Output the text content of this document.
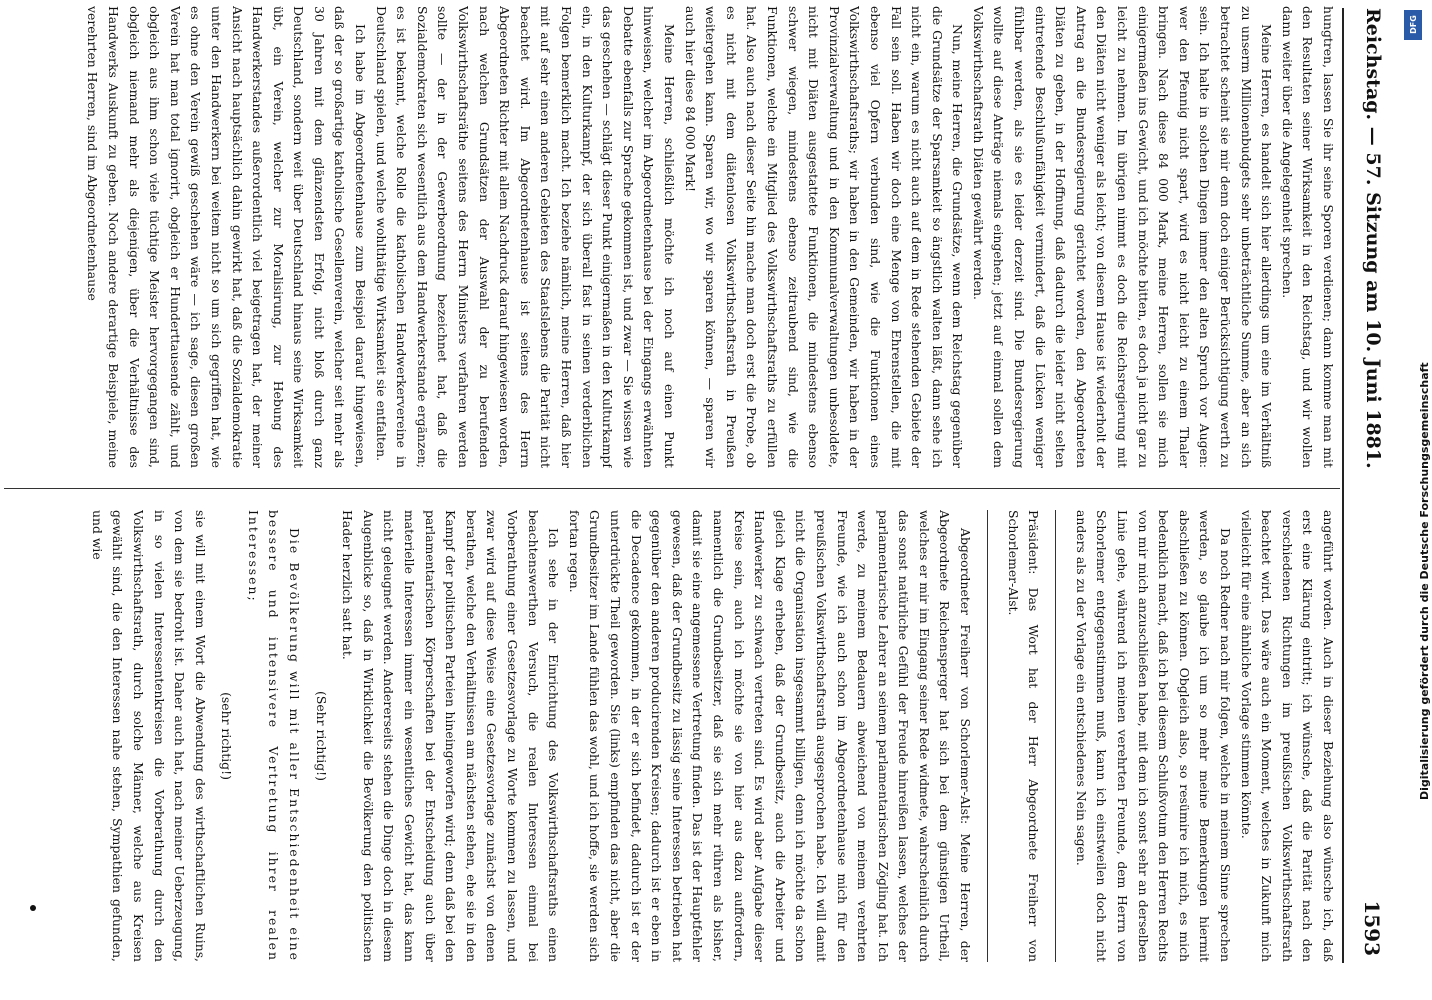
Reichstag. — 57. Sitzung am 10. Juni 1881.
1593

hungtren, lassen Sie ihr seine Sporen verdienen; dann komme man mit den Resultaten seiner Wirksamkeit in den Reichstag, und wir wollen dann weiter über die Angelegenheit sprechen.

Meine Herren, es handelt sich hier allerdings um eine im Verhältniß zu unserm Millionenbudgets sehr unbeträchtliche Summe, aber an sich betrachtet scheint sie mir denn doch einiger Berücksichtigung werth zu sein. Ich halte in solchen Dingen immer den alten Spruch vor Augen: wer den Pfennig nicht spart, wird es nicht leicht zu einem Thaler bringen. Nach diese 84 000 Mark, meine Herren, sollen sie mich einigermaßen ins Gewicht, und ich möchte bitten, es doch ja nicht gar zu leicht zu nehmen. Im übrigen nimmt es doch die Reichsregierung mit den Diäten nicht weniger als leicht; von diesem Hause ist wiederholt der Antrag an die Bundesregierung gerichtet worden, den Abgeordneten Diäten zu geben, in der Hoffnung, daß dadurch die leider nicht selten eintretende Beschlußunfähigkeit vermindert, daß die Lücken weniger fühlbar werden, als sie es leider derzeit sind. Die Bundesregierung wollte auf diese Anträge niemals eingehen; jetzt auf einmal sollen dem Volkswirthschaftsrath Diäten gewährt werden.

Nun, meine Herren, die Grundsätze, wenn dem Reichstag gegenüber die Grundsätze der Sparsamkeit so ängstlich walten läßt, dann sehe ich nicht ein, warum es nicht auch auf dem in Rede stehenden Gebiete der Fall sein soll. Haben wir doch eine Menge von Ehrenstellen, die mit ebenso viel Opfern verbunden sind, wie die Funktionen eines Volkswirthschaftsraths; wir haben in den Gemeinden, wir haben in der Provinzialverwaltung und in den Kommunalverwaltungen unbesoldete, nicht mit Diäten ausgestattete Funktionen, die mindestens ebenso schwer wiegen, mindestens ebenso zeitraubend sind, wie die Funktionen, welche ein Mitglied des Volkswirthschaftsraths zu erfüllen hat. Also auch nach dieser Seite hin mache man doch erst die Probe, ob es nicht mit dem diätenlosen Volkswirthschaftsrath in Preußen weitergehen kann. Sparen wir, wo wir sparen können, — sparen wir auch hier diese 84 000 Mark!

Meine Herren, schließlich möchte ich noch auf einen Punkt hinweisen, welcher im Abgeordnetenhause bei der Eingangs erwähnten Debatte ebenfalls zur Sprache gekommen ist, und zwar — Sie wissen wie das geschehen — schlägt dieser Punkt einigermaßen in den Kulturkampf ein, in den Kulturkampf, der sich überall fast in seinen verderblichen Folgen bemerklich macht. Ich beziehe nämlich, meine Herren, daß hier mit auf sehr einen anderen Gebieten des Staatslebens die Parität nicht beachtet wird. Im Abgeordnetenhause ist seitens des Herrn Abgeordneten Richter mit allem Nachdruck darauf hingewiesen worden, nach welchen Grundsätzen der Auswahl der zu berufenden Volkswirthschaftsräthe seitens des Herrn Ministers verfahren werden sollte — der in der Gewerbeordnung bezeichnet hat, daß die Sozialdemokraten sich wesentlich aus dem Handwerkerstande ergänzen; es ist bekannt, welche Rolle die katholischen Handwerkervereine in Deutschland spielen, und welche wohlthätige Wirksamkeit sie entfalten.

Ich habe im Abgeordnetenhause zum Beispiel darauf hingewiesen, daß der so großartige katholische Gesellenverein, welcher seit mehr als 30 Jahren mit dem glänzendsten Erfolg, nicht bloß durch ganz Deutschland, sondern weit über Deutschland hinaus seine Wirksamkeit übt, ein Verein, welcher zur Moralisirung, zur Hebung des Handwerkerstandes außerordentlich viel beigetragen hat, der meiner Ansicht nach hauptsächlich dahin gewirkt hat, daß die Sozialdemokratie unter den Handwerkern bei weitem nicht so um sich gegriffen hat, wie es ohne den Verein gewiß geschehen wäre — ich sage, diesen großen Verein hat man total ignorirt, obgleich er Hunderttausende zählt, und obgleich aus ihm schon viele tüchtige Meister hervorgegangen sind, obgleich niemand mehr als diejenigen, über die Verhältnisse des Handwerks Auskunft zu geben. Noch andere derartige Beispiele, meine verehrten Herren, sind im Abgeordnetenhause

angeführt worden. Auch in dieser Beziehung also wünsche ich, daß erst eine Klärung eintritt; ich wünsche, daß die Parität nach den verschiedenen Richtungen im preußischen Volkswirthschaftsrath beachtet wird. Das wäre auch ein Moment, welches in Zukunft mich vielleicht für eine ähnliche Vorlage stimmen könnte.

Da noch Redner nach mir folgen, welche in meinem Sinne sprechen werden, so glaube ich um so mehr meine Bemerkungen hiermit abschließen zu können. Obgleich also, so resümire ich mich, es mich bedenklich macht, daß ich bei diesem Schlußvotum den Herren Rechts von mir mich anzuschließen habe, mit dem ich sonst sehr an derselben Linie gehe, während ich meinen verehrten Freunde, dem Herrn von Schorlemer entgegenstimmen muß, kann ich einstweilen doch nicht anders als zu der Vorlage ein entschiedenes Nein sagen.

Präsident: Das Wort hat der Herr Abgeordnete Freiherr von Schorlemer-Alst.

Abgeordneter Freiherr von Schorlemer-Alst: Meine Herren, der Abgeordnete Reichensperger hat sich bei dem günstigen Urtheil, welches er mir im Eingang seiner Rede widmete, wahrscheinlich durch das sonst natürliche Gefühl der Freude hinreißen lassen, welches der parlamentarische Lehrer an seinem parlamentarischen Zögling hat. Ich werde, zu meinem Bedauern abweichend von meinem verehrten Freunde, wie ich auch schon im Abgeordnetenhause mich für den preußischen Volkswirthschaftsrath ausgesprochen habe. Ich will damit nicht die Organisation insgesammt billigen, denn ich möchte da schon gleich Klage erheben, daß der Grundbesitz, auch die Arbeiter und Handwerker zu schwach vertreten sind. Es wird aber Aufgabe dieser Kreise sein, auch ich möchte sie von hier aus dazu auffordern, namentlich die Grundbesitzer, daß sie sich mehr rühren als bisher, damit sie eine angemessene Vertretung finden. Das ist der Hauptfehler gewesen, daß der Grundbesitz zu lässig seine Interessen betrieben hat gegenüber den anderen producirenden Kreisen; dadurch ist er eben in die Decadence gekommen, in der er sich befindet, dadurch ist er der unterdrückte Theil geworden. Sie (links) empfinden das nicht, aber die Grundbesitzer im Lande fühlen das wohl, und ich hoffe, sie werden sich fortan regen.

Ich sehe in der Einrichtung des Volkswirthschaftsraths einen beachtenswerthen Versuch, die realen Interessen einmal bei Vorberathung einer Gesetzesvorlage zu Worte kommen zu lassen, und zwar wird auf diese Weise eine Gesetzesvorlage zunächst von denen berathen, welche den Verhältnissen am nächsten stehen, ehe sie in den Kampf der politischen Parteien hineingeworfen wird; denn daß bei den parlamentarischen Körperschaften bei der Entscheidung auch über materielle Interessen immer ein wesentliches Gewicht hat, das kann nicht geleugnet werden. Andererseits stehen die Dinge doch in diesem Augenblicke so, daß in Wirklichkeit die Bevölkerung den politischen Hader herzlich satt hat.

(Sehr richtig!)

Die Bevölkerung will mit aller Entschiedenheit eine bessere und intensivere Vertretung ihrer realen Interessen;

(sehr richtig!)

sie will mit einem Wort die Abwendung des wirthschaftlichen Ruins, von dem sie bedroht ist. Daher auch hat, nach meiner Ueberzeugung, in so vielen Interessentenkreisen die Vorberathung durch den Volkswirthschaftsrath, durch solche Männer, welche aus Kreisen gewählt sind, die den Interessen nahe stehen, Sympathien gefunden, und wie

DFG
Digitalisierung gefördert durch die Deutsche Forschungsgemeinschaft
